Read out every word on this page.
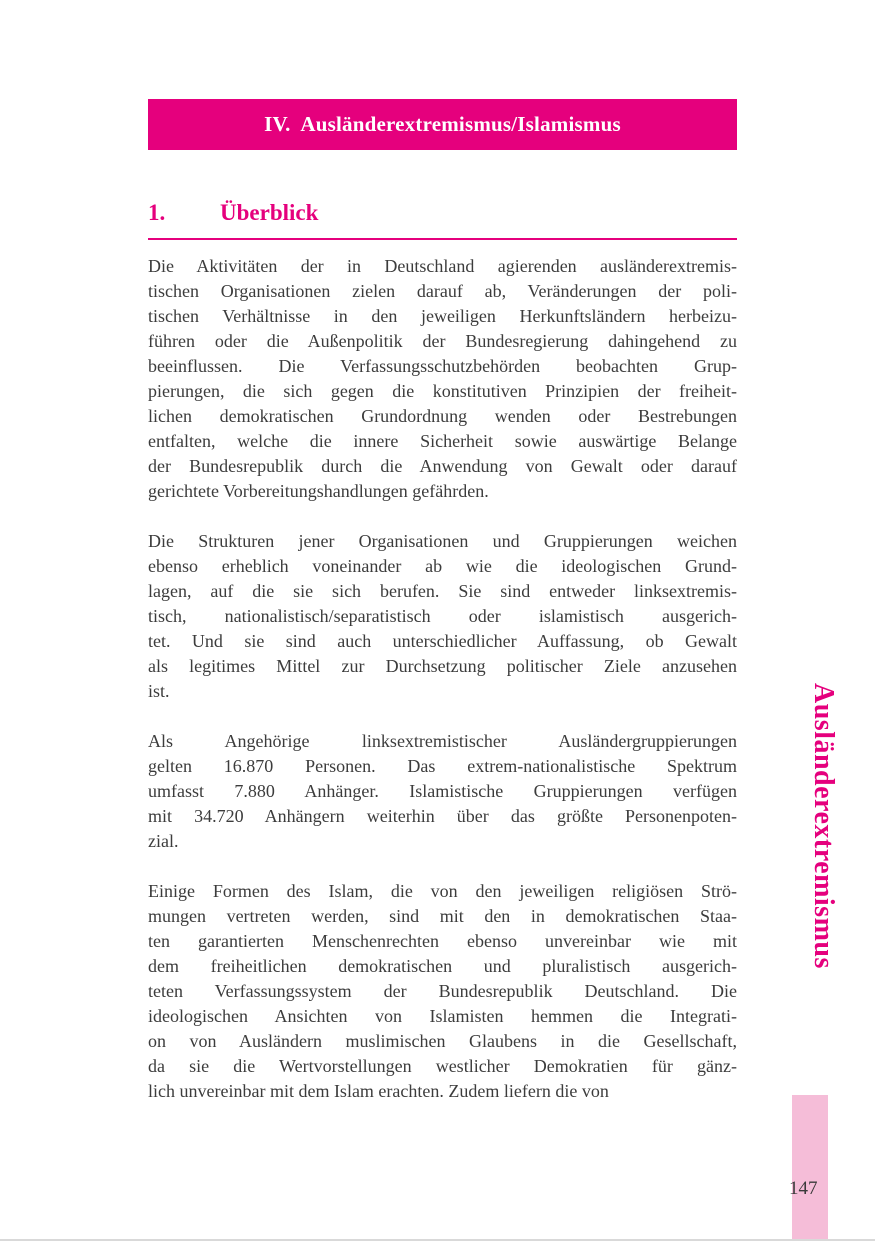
IV.  Ausländerextremismus/Islamismus
1. Überblick
Die Aktivitäten der in Deutschland agierenden ausländerextremis-
tischen Organisationen zielen darauf ab, Veränderungen der poli-
tischen Verhältnisse in den jeweiligen Herkunftsländern herbeizu-
führen oder die Außenpolitik der Bundesregierung dahingehend zu
beeinflussen. Die Verfassungsschutzbehörden beobachten Grup-
pierungen, die sich gegen die konstitutiven Prinzipien der freiheit-
lichen demokratischen Grundordnung wenden oder Bestrebungen
entfalten, welche die innere Sicherheit sowie auswärtige Belange
der Bundesrepublik durch die Anwendung von Gewalt oder darauf
gerichtete Vorbereitungshandlungen gefährden.
Die Strukturen jener Organisationen und Gruppierungen weichen
ebenso erheblich voneinander ab wie die ideologischen Grund-
lagen, auf die sie sich berufen. Sie sind entweder linksextremis-
tisch, nationalistisch/separatistisch oder islamistisch ausgerich-
tet. Und sie sind auch unterschiedlicher Auffassung, ob Gewalt
als legitimes Mittel zur Durchsetzung politischer Ziele anzusehen
ist.
Als Angehörige linksextremistischer Ausländergruppierungen
gelten 16.870 Personen. Das extrem-nationalistische Spektrum
umfasst 7.880 Anhänger. Islamistische Gruppierungen verfügen
mit 34.720 Anhängern weiterhin über das größte Personenpoten-
zial.
Einige Formen des Islam, die von den jeweiligen religiösen Strö-
mungen vertreten werden, sind mit den in demokratischen Staa-
ten garantierten Menschenrechten ebenso unvereinbar wie mit
dem freiheitlichen demokratischen und pluralistisch ausgerich-
teten Verfassungssystem der Bundesrepublik Deutschland. Die
ideologischen Ansichten von Islamisten hemmen die Integrati-
on von Ausländern muslimischen Glaubens in die Gesellschaft,
da sie die Wertvorstellungen westlicher Demokratien für gänz-
lich unvereinbar mit dem Islam erachten. Zudem liefern die von
Ausländerextremismus
147
